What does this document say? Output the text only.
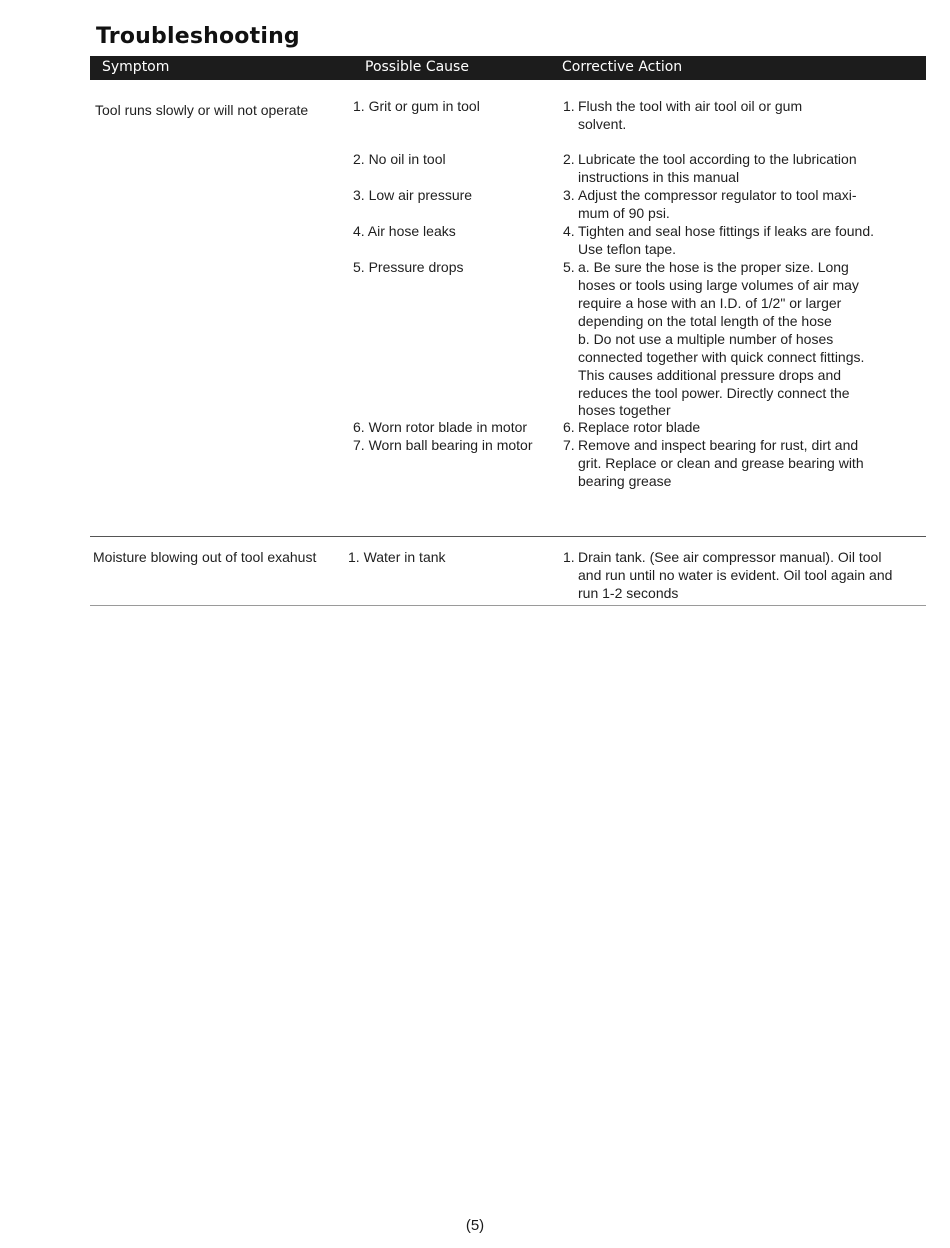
Troubleshooting
Symptom	Possible Cause	Corrective Action
Tool runs slowly or will not operate	1. Grit or gum in tool	1. Flush the tool with air tool oil or gum
solvent.
2. No oil in tool	2. Lubricate the tool according to the lubrication
instructions in this manual
3. Low air pressure	3. Adjust the compressor regulator to tool maxi-
mum of 90 psi.
4. Air hose leaks	4. Tighten and seal hose fittings if leaks are found.
Use teflon tape.
5. Pressure drops	5. a. Be sure the hose is the proper size. Long
hoses or tools using large volumes of air may
require a hose with an I.D. of 1/2" or larger
depending on the total length of the hose
b. Do not use a multiple number of hoses
connected together with quick connect fittings.
This causes additional pressure drops and
reduces the tool power. Directly connect the
hoses together
6. Worn rotor blade in motor	6. Replace rotor blade
7. Worn ball bearing in motor 7. Remove and inspect bearing for rust, dirt and
grit. Replace or clean and grease bearing with
bearing grease
Moisture blowing out of tool exahust 1. Water in tank	1. Drain tank. (See air compressor manual). Oil tool
and run until no water is evident. Oil tool again and
run 1-2 seconds
(5)
